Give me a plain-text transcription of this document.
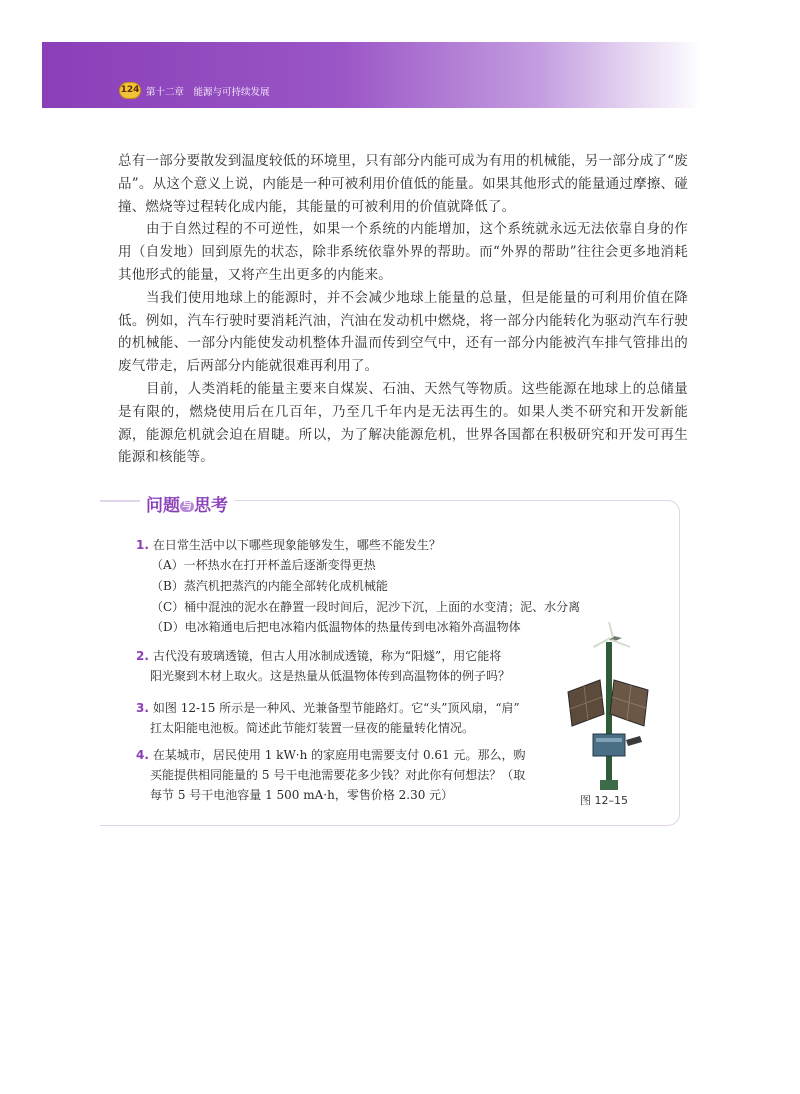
124 第十二章　能源与可持续发展

总有一部分要散发到温度较低的环境里，只有部分内能可成为有用的机械能，另一部分成了“废品”。从这个意义上说，内能是一种可被利用价值低的能量。如果其他形式的能量通过摩擦、碰撞、燃烧等过程转化成内能，其能量的可被利用的价值就降低了。

由于自然过程的不可逆性，如果一个系统的内能增加，这个系统就永远无法依靠自身的作用（自发地）回到原先的状态，除非系统依靠外界的帮助。而“外界的帮助”往往会更多地消耗其他形式的能量，又将产生出更多的内能来。

当我们使用地球上的能源时，并不会减少地球上能量的总量，但是能量的可利用价值在降低。例如，汽车行驶时要消耗汽油，汽油在发动机中燃烧，将一部分内能转化为驱动汽车行驶的机械能、一部分内能使发动机整体升温而传到空气中，还有一部分内能被汽车排气管排出的废气带走，后两部分内能就很难再利用了。

目前，人类消耗的能量主要来自煤炭、石油、天然气等物质。这些能源在地球上的总储量是有限的，燃烧使用后在几百年，乃至几千年内是无法再生的。如果人类不研究和开发新能源，能源危机就会迫在眉睫。所以，为了解决能源危机，世界各国都在积极研究和开发可再生能源和核能等。

问题 与 思考
1. 在日常生活中以下哪些现象能够发生，哪些不能发生？
（A）一杯热水在打开杯盖后逐渐变得更热
（B）蒸汽机把蒸汽的内能全部转化成机械能
（C）桶中混浊的泥水在静置一段时间后，泥沙下沉，上面的水变清；泥、水分离
（D）电冰箱通电后把电冰箱内低温物体的热量传到电冰箱外高温物体
2. 古代没有玻璃透镜，但古人用冰制成透镜，称为“阳燧”，用它能将
阳光聚到木材上取火。这是热量从低温物体传到高温物体的例子吗？
3. 如图 12-15 所示是一种风、光兼备型节能路灯。它“头”顶风扇，“肩”
扛太阳能电池板。简述此节能灯装置一昼夜的能量转化情况。
4. 在某城市，居民使用 1 kW·h 的家庭用电需要支付 0.61 元。那么，购
买能提供相同能量的 5 号干电池需要花多少钱？对此你有何想法？（取
每节 5 号干电池容量 1 500 mA·h，零售价格 2.30 元）	图 12–15
